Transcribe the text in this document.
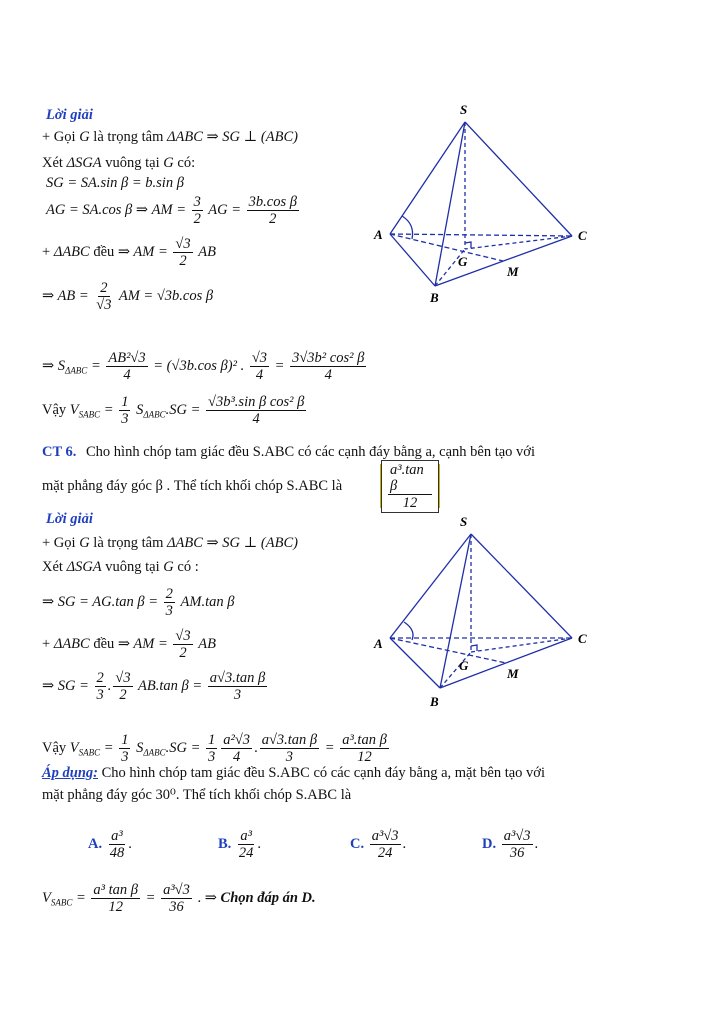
Lời giải
+ Gọi G là trọng tâm ΔABC ⇒ SG ⊥ (ABC)
Xét ΔSGA vuông tại G có:
SG = SA.sin β = b.sin β
AG = SA.cos β ⇒ AM = $\frac{3}{2}$ AG = $\frac{\text{3b.cos β}}{2}$
+ ΔABC đều ⇒ AM = $\frac{√3}{2}$ AB
⇒ AB = $\frac{2}{√3}$ AM = √3b.cos β
⇒ $S_{\Delta ABC} = \frac{\text{AB²√3}}{4} = (√3b.\cos$ β)² . $\frac{√3}{4} = \frac{\text{3√3b² cos² β}}{4}$
Vậy $V_{SABC} = \frac{1}{3} S_{\Delta ABC}.SG = \frac{\text{√3b³.sin β cos² β}}{4}$
CT 6. Cho hình chóp tam giác đều S.ABC có các cạnh đáy bằng a, cạnh bên tạo với
mặt phẳng đáy góc β . Thể tích khối chóp S.ABC là	$\frac{\text{a³.tan β}}{12}$
Lời giải
+ Gọi G là trọng tâm ΔABC ⇒ SG ⊥ (ABC)
Xét ΔSGA vuông tại G có :
⇒ SG = AG.tan $\beta = \frac{2}{3} AM.\tan$ β
+ ΔABC đều ⇒ AM = $\frac{√3}{2}$ AB
⇒ SG = $\frac{2}{3}$ . $\frac{√3}{2} AB.\tan$ $\beta = \frac{\text{a√3.tan β}}{3}$
Vậy $V_{SABC} = \frac{1}{3} S_{\Delta ABC}.SG = \frac{1}{3} \frac{\text{a²√3}}{4}$ . $\frac{\text{a√3.tan β}}{3} = \frac{\text{a³.tan β}}{12}$
Áp dụng: Cho hình chóp tam giác đều S.ABC có các cạnh đáy bằng a, mặt bên tạo với
mặt phẳng đáy góc 30⁰. Thể tích khối chóp S.ABC là
A. $\frac{\text{a³}}{48}$ .	B. $\frac{\text{a³}}{24}$ .	C. $\frac{\text{a³√3}}{24}$ .	D. $\frac{\text{a³√3}}{36}$ .
$V_{SABC} = \frac{\text{a³ tan β}}{12} = \frac{\text{a³√3}}{36}$ . ⇒ Chọn đáp án D.
S
A
B
C
G
M
S
A
B
C
G
M
